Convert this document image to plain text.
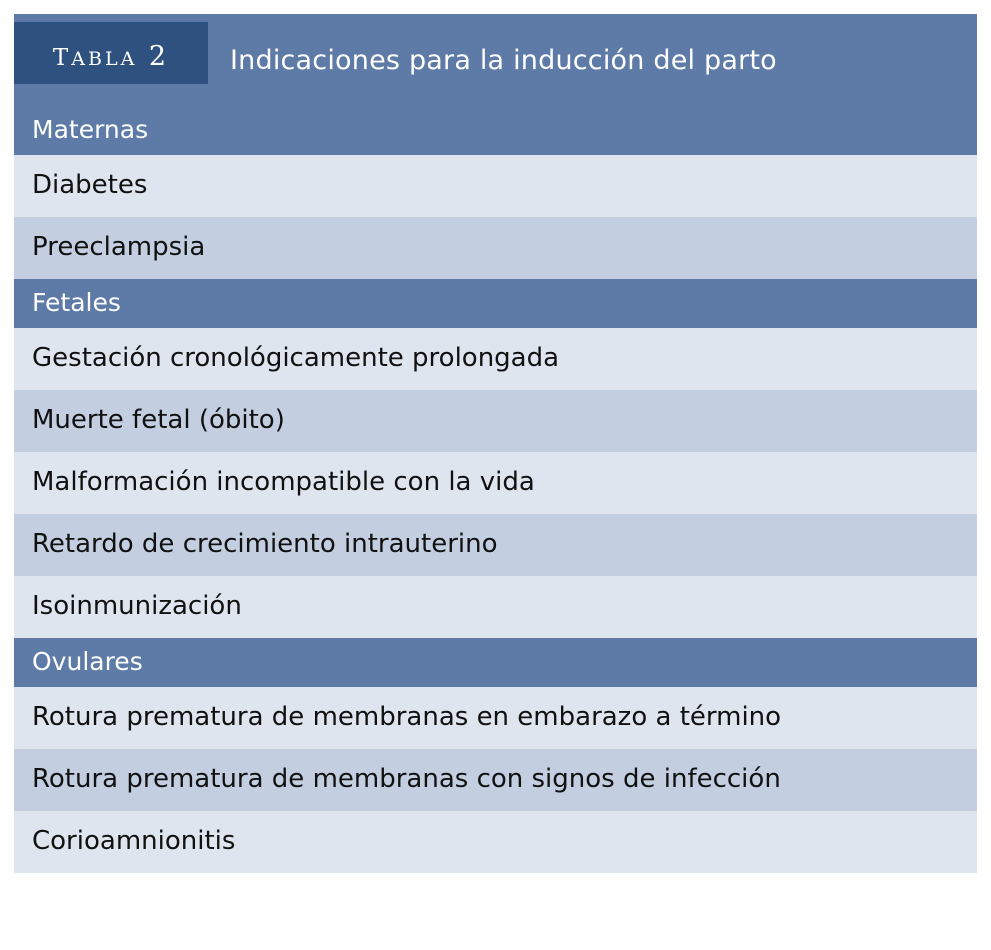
tabla 2 Indicaciones para la inducción del parto

Maternas
Diabetes
Preeclampsia
Fetales
Gestación cronológicamente prolongada
Muerte fetal (óbito)
Malformación incompatible con la vida
Retardo de crecimiento intrauterino
Isoinmunización
Ovulares
Rotura prematura de membranas en embarazo a término
Rotura prematura de membranas con signos de infección
Corioamnionitis
